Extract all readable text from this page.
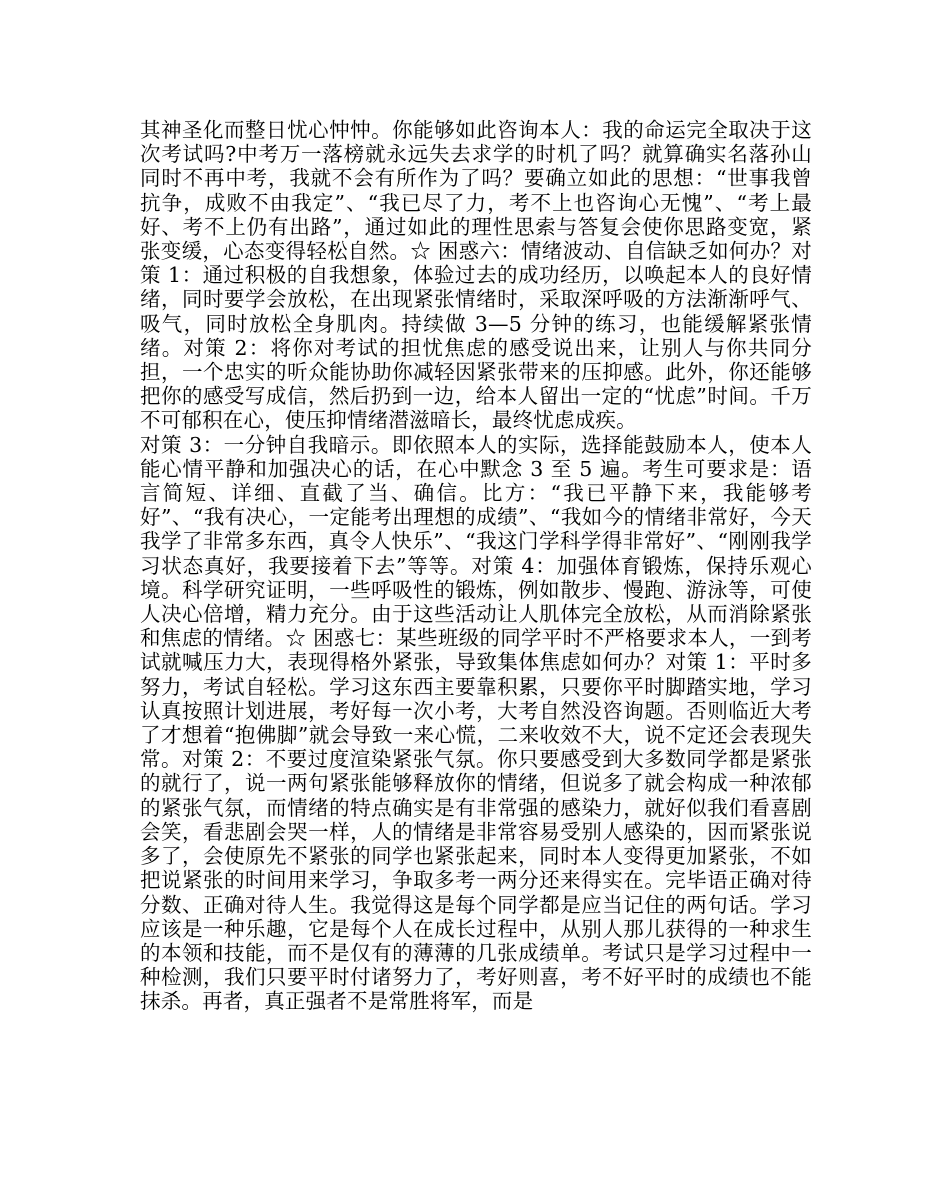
其神圣化而整日忧心忡忡。你能够如此咨询本人：我的命运完全取决于这次考试吗?中考万一落榜就永远失去求学的时机了吗？就算确实名落孙山同时不再中考，我就不会有所作为了吗？要确立如此的思想：“世事我曾抗争，成败不由我定”、“我已尽了力，考不上也咨询心无愧”、“考上最好、考不上仍有出路”，通过如此的理性思索与答复会使你思路变宽，紧张变缓，心态变得轻松自然。☆ 困惑六：情绪波动、自信缺乏如何办？对策 1：通过积极的自我想象，体验过去的成功经历，以唤起本人的良好情绪，同时要学会放松，在出现紧张情绪时，采取深呼吸的方法渐渐呼气、吸气，同时放松全身肌肉。持续做 3—5 分钟的练习，也能缓解紧张情绪。对策 2：将你对考试的担忧焦虑的感受说出来，让别人与你共同分担，一个忠实的听众能协助你减轻因紧张带来的压抑感。此外，你还能够把你的感受写成信，然后扔到一边，给本人留出一定的“忧虑”时间。千万不可郁积在心，使压抑情绪潜滋暗长，最终忧虑成疾。

对策 3：一分钟自我暗示。即依照本人的实际，选择能鼓励本人，使本人能心情平静和加强决心的话，在心中默念 3 至 5 遍。考生可要求是：语言简短、详细、直截了当、确信。比方：“我已平静下来，我能够考好”、“我有决心，一定能考出理想的成绩”、“我如今的情绪非常好，今天我学了非常多东西，真令人快乐”、“我这门学科学得非常好”、“刚刚我学习状态真好，我要接着下去”等等。对策 4：加强体育锻炼，保持乐观心境。科学研究证明，一些呼吸性的锻炼，例如散步、慢跑、游泳等，可使人决心倍增，精力充分。由于这些活动让人肌体完全放松，从而消除紧张和焦虑的情绪。☆ 困惑七：某些班级的同学平时不严格要求本人，一到考试就喊压力大，表现得格外紧张，导致集体焦虑如何办？对策 1：平时多努力，考试自轻松。学习这东西主要靠积累，只要你平时脚踏实地，学习认真按照计划进展，考好每一次小考，大考自然没咨询题。否则临近大考了才想着“抱佛脚”就会导致一来心慌，二来收效不大，说不定还会表现失常。对策 2：不要过度渲染紧张气氛。你只要感受到大多数同学都是紧张的就行了，说一两句紧张能够释放你的情绪，但说多了就会构成一种浓郁的紧张气氛，而情绪的特点确实是有非常强的感染力，就好似我们看喜剧会笑，看悲剧会哭一样，人的情绪是非常容易受别人感染的，因而紧张说多了，会使原先不紧张的同学也紧张起来，同时本人变得更加紧张，不如把说紧张的时间用来学习，争取多考一两分还来得实在。完毕语正确对待分数、正确对待人生。我觉得这是每个同学都是应当记住的两句话。学习应该是一种乐趣，它是每个人在成长过程中，从别人那儿获得的一种求生的本领和技能，而不是仅有的薄薄的几张成绩单。考试只是学习过程中一种检测，我们只要平时付诸努力了，考好则喜，考不好平时的成绩也不能抹杀。再者，真正强者不是常胜将军，而是
